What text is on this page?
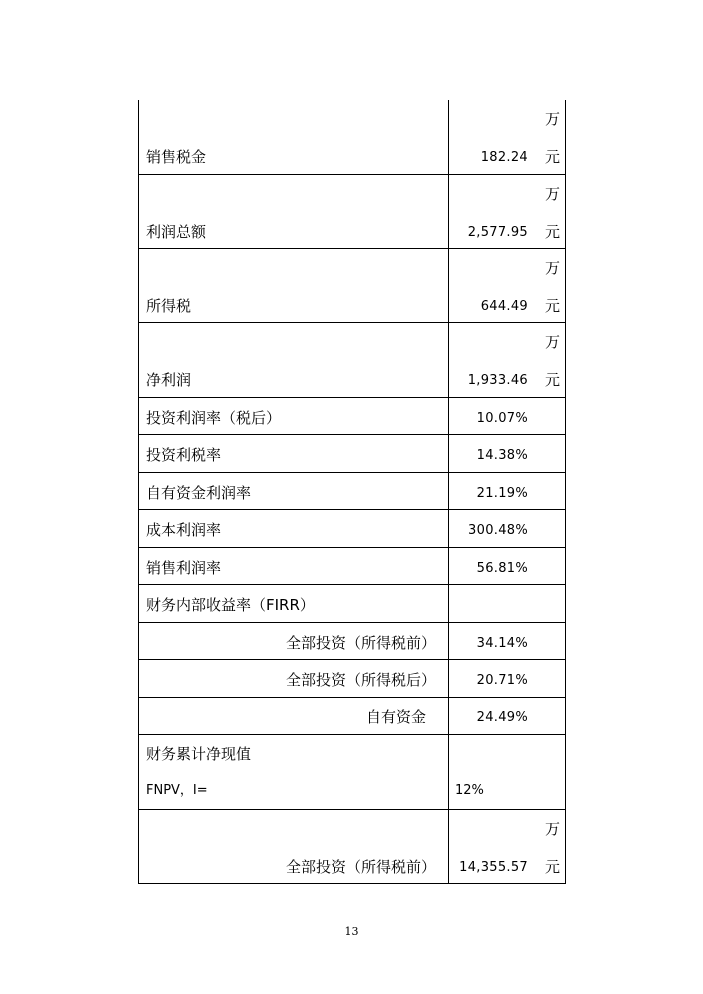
销售税金	182.24
万
元
利润总额	2,577.95
万
元
所得税	644.49
万
元
净利润	1,933.46
万
元
投资利润率（税后）	10.07%
投资利税率	14.38%
自有资金利润率	21.19%
成本利润率	300.48%
销售利润率	56.81%
财务内部收益率（FIRR）
全部投资（所得税前）	34.14%
全部投资（所得税后）	20.71%
自有资金	24.49%
财务累计净现值
FNPV，I=	12%
全部投资（所得税前） 14,355.57
万
元
13
